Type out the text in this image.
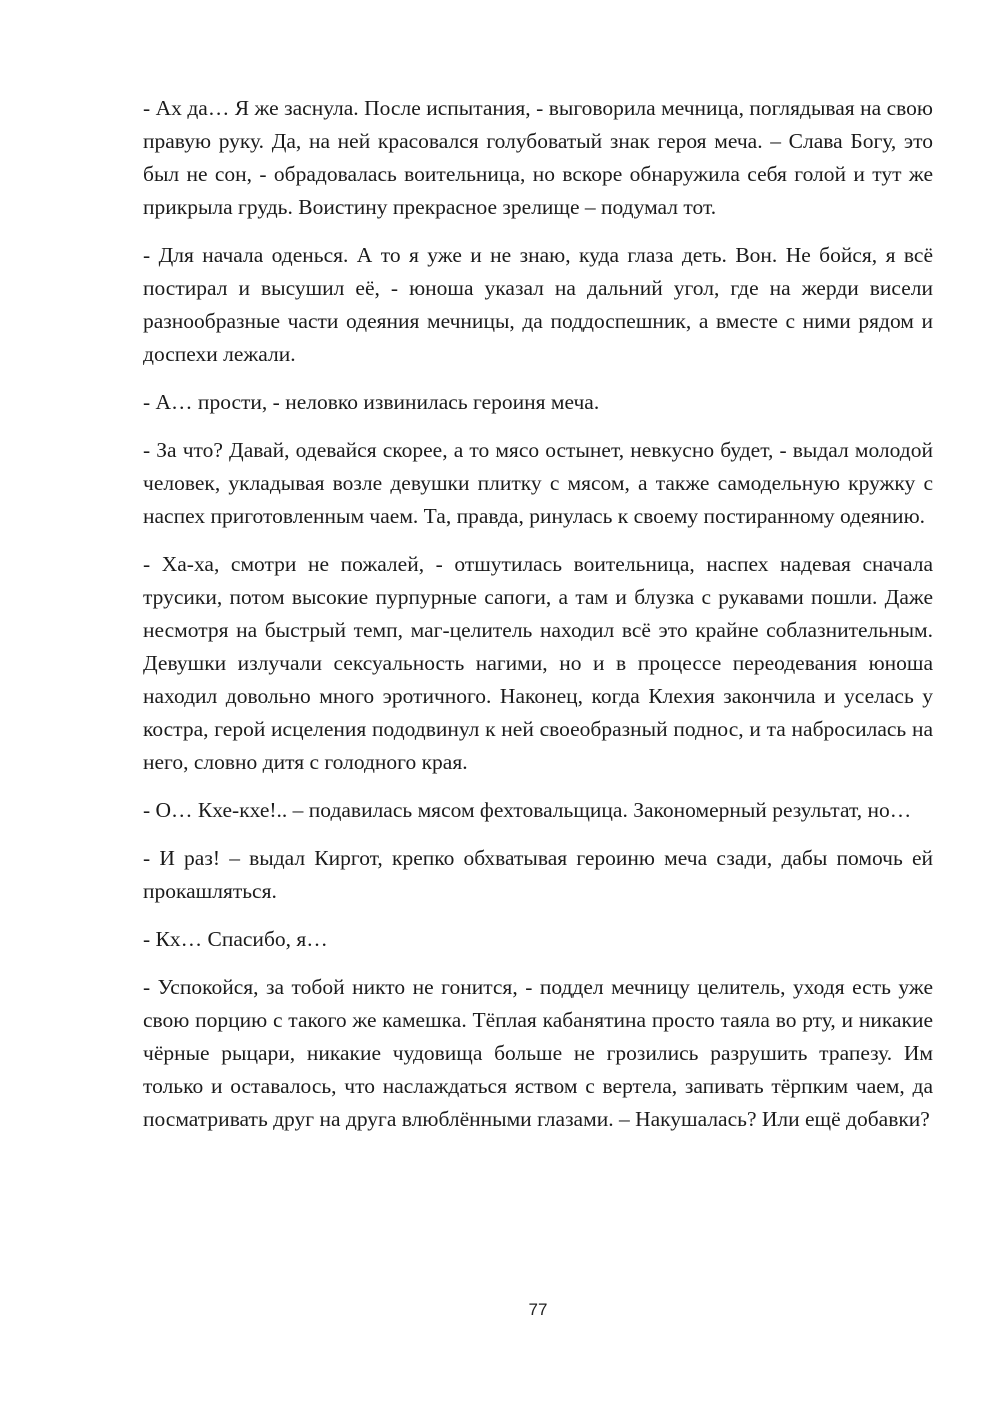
- Ах да… Я же заснула. После испытания, - выговорила мечница, поглядывая на свою правую руку. Да, на ней красовался голубоватый знак героя меча. – Слава Богу, это был не сон, - обрадовалась воительница, но вскоре обнаружила себя голой и тут же прикрыла грудь. Воистину прекрасное зрелище – подумал тот.

- Для начала оденься. А то я уже и не знаю, куда глаза деть. Вон. Не бойся, я всё постирал и высушил её, - юноша указал на дальний угол, где на жерди висели разнообразные части одеяния мечницы, да поддоспешник, а вместе с ними рядом и доспехи лежали.

- А… прости, - неловко извинилась героиня меча.

- За что? Давай, одевайся скорее, а то мясо остынет, невкусно будет, - выдал молодой человек, укладывая возле девушки плитку с мясом, а также самодельную кружку с наспех приготовленным чаем. Та, правда, ринулась к своему постиранному одеянию.

- Ха-ха, смотри не пожалей, - отшутилась воительница, наспех надевая сначала трусики, потом высокие пурпурные сапоги, а там и блузка с рукавами пошли. Даже несмотря на быстрый темп, маг-целитель находил всё это крайне соблазнительным. Девушки излучали сексуальность нагими, но и в процессе переодевания юноша находил довольно много эротичного. Наконец, когда Клехия закончила и уселась у костра, герой исцеления пододвинул к ней своеобразный поднос, и та набросилась на него, словно дитя с голодного края.

- О… Кхе-кхе!.. – подавилась мясом фехтовальщица. Закономерный результат, но…

- И раз! – выдал Киргот, крепко обхватывая героиню меча сзади, дабы помочь ей прокашляться.

- Кх… Спасибо, я…

- Успокойся, за тобой никто не гонится, - поддел мечницу целитель, уходя есть уже свою порцию с такого же камешка. Тёплая кабанятина просто таяла во рту, и никакие чёрные рыцари, никакие чудовища больше не грозились разрушить трапезу. Им только и оставалось, что наслаждаться яством с вертела, запивать тёрпким чаем, да посматривать друг на друга влюблёнными глазами. – Накушалась? Или ещё добавки?

77
